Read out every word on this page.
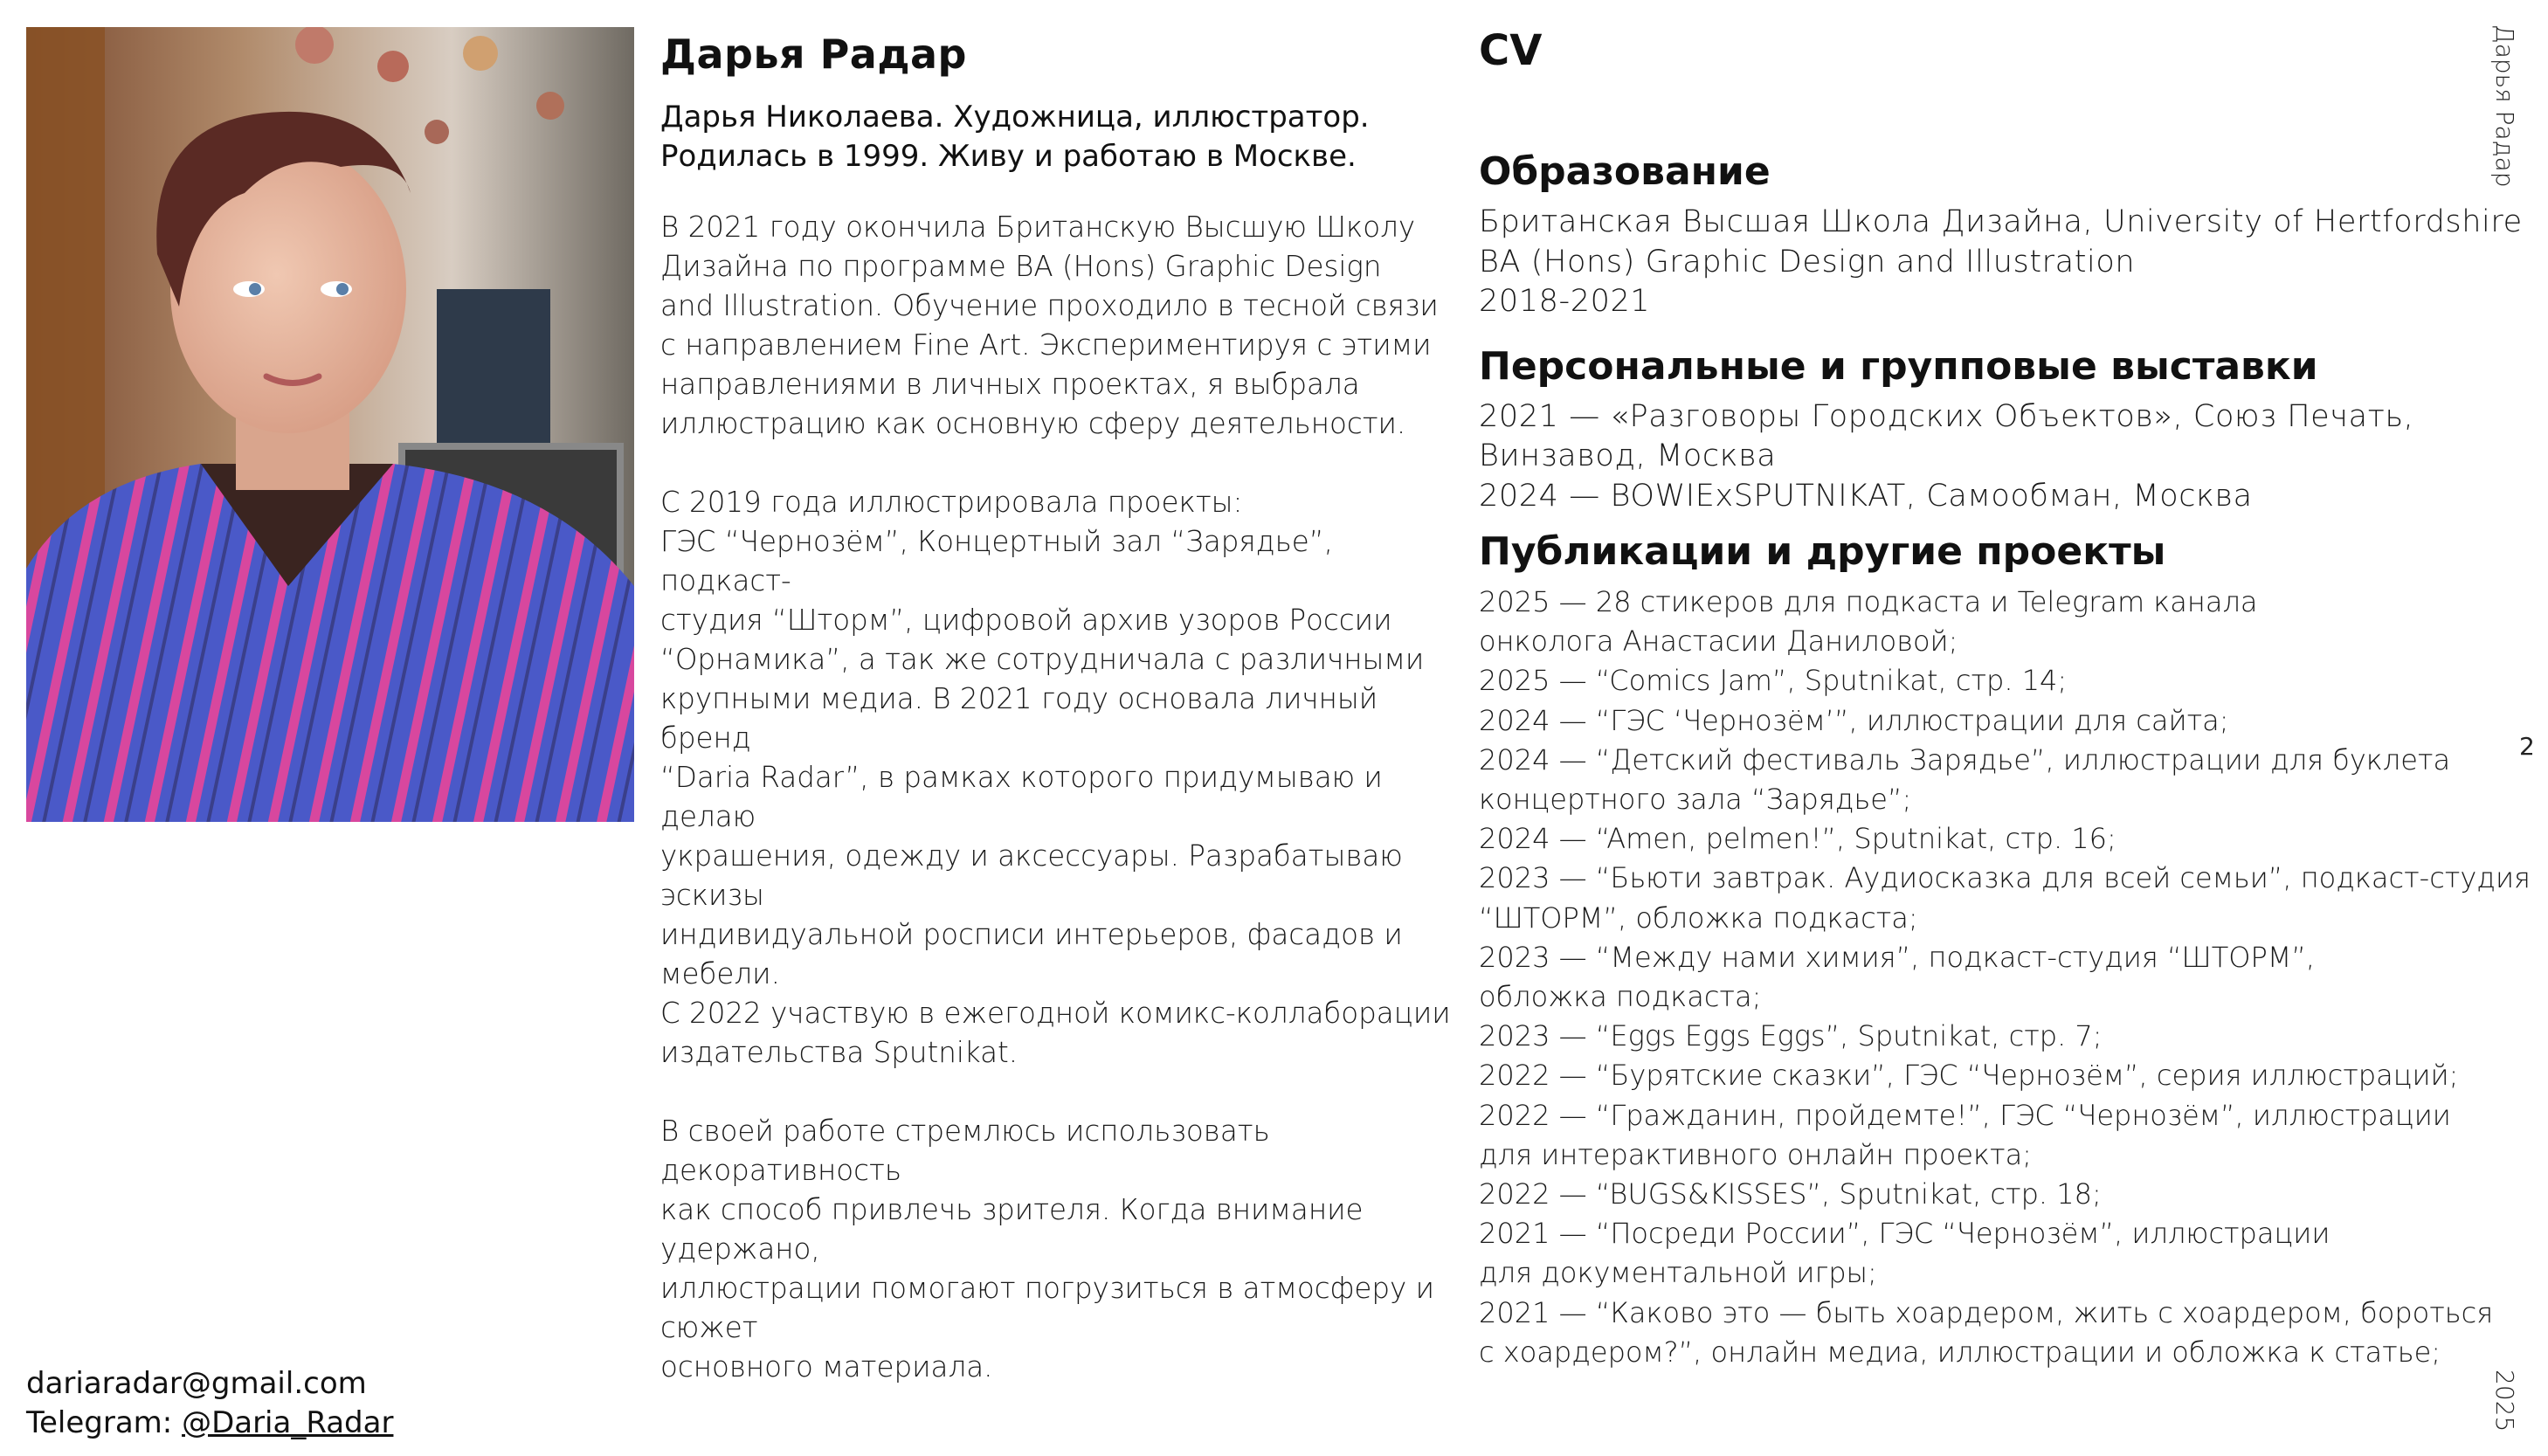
Дарья Радар
Дарья Николаева. Художница, иллюстратор.
Родилась в 1999. Живу и работаю в Москве.

В 2021 году окончила Британскую Высшую Школу
Дизайна по программе BA (Hons) Graphic Design
and Illustration. Обучение проходило в тесной связи
с направлением Fine Art. Экспериментируя с этими
направлениями в личных проектах, я выбрала
иллюстрацию как основную сферу деятельности.

С 2019 года иллюстрировала проекты:
ГЭС “Чернозём”, Концертный зал “Зарядье”, подкаст-
студия “Шторм”, цифровой архив узоров России
“Орнамика”, а так же сотрудничала с различными
крупными медиа. В 2021 году основала личный бренд
“Daria Radar”, в рамках которого придумываю и делаю
украшения, одежду и аксессуары. Разрабатываю эскизы
индивидуальной росписи интерьеров, фасадов и мебели.
С 2022 участвую в ежегодной комикс-коллаборации
издательства Sputnikat.

В своей работе стремлюсь использовать декоративность
как способ привлечь зрителя. Когда внимание удержано,
иллюстрации помогают погрузиться в атмосферу и сюжет
основного материала.

dariaradar@gmail.com
Telegram: @Daria_Radar
CV
Образование
Британская Высшая Школа Дизайна, University of Hertfordshire
BA (Hons) Graphic Design and Illustration
2018-2021
Персональные и групповые выставки
2021 — «Разговоры Городских Объектов», Союз Печать,
Винзавод, Москва
2024 — BOWIExSPUTNIKAT, Самообман, Москва
Публикации и другие проекты
2025 — 28 стикеров для подкаста и Telegram канала
онколога Анастасии Даниловой;
2025 — “Comics Jam”, Sputnikat, стр. 14;
2024 — “ГЭС ‘Чернозём’”, иллюстрации для сайта;
2024 — “Детский фестиваль Зарядье”, иллюстрации для буклета
концертного зала “Зарядье”;
2024 — “Amen, pelmen!”, Sputnikat, стр. 16;
2023 — “Бьюти завтрак. Аудиосказка для всей семьи”, подкаст-студия
“ШТОРМ”, обложка подкаста;
2023 — “Между нами химия”, подкаст-студия “ШТОРМ”,
обложка подкаста;
2023 — “Eggs Eggs Eggs”, Sputnikat, стр. 7;
2022 — “Бурятские сказки”, ГЭС “Чернозём”, серия иллюстраций;
2022 — “Гражданин, пройдемте!”, ГЭС “Чернозём”, иллюстрации
для интерактивного онлайн проекта;
2022 — “BUGS&KISSES”, Sputnikat, стр. 18;
2021 — “Посреди России”, ГЭС “Чернозём”, иллюстрации
для документальной игры;
2021 — “Каково это — быть хоардером, жить с хоардером, бороться
с хоардером?”, онлайн медиа, иллюстрации и обложка к статье;
Дарья Радар
2
2025
